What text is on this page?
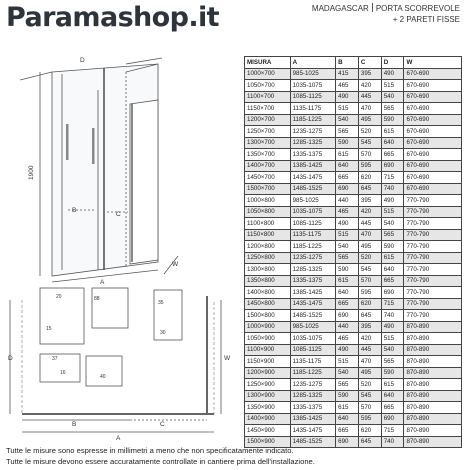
Paramashop.it	MADAGASCAR PORTA SCORREVOLE
+ 2 PARETI FISSE
1900
A
B
C
D
W
20
15
88
37
16
35
30
40
D	W
A
B	C
MISURA	A	B	C	D	W
1000×700	985-1025	415	395	490	670-690
1050×700	1035-1075	465	420	515	670-690
1100×700	1085-1125	490	445	540	670-690
1150×700	1135-1175	515	470	565	670-690
1200×700	1185-1225	540	495	590	670-690
1250×700	1235-1275	565	520	615	670-690
1300×700	1285-1325	590	545	640	670-690
1350×700	1335-1375	615	570	665	670-690
1400×700	1385-1425	640	595	690	670-690
1450×700	1435-1475	665	620	715	670-690
1500×700	1485-1525	690	645	740	670-690
1000×800	985-1025	440	395	490	770-790
1050×800	1035-1075	465	420	515	770-790
1100×800	1085-1125	490	445	540	770-790
1150×800	1135-1175	515	470	565	770-790
1200×800	1185-1225	540	495	590	770-790
1250×800	1235-1275	565	520	615	770-790
1300×800	1285-1325	590	545	640	770-790
1350×800	1335-1375	615	570	665	770-790
1400×800	1385-1425	640	595	690	770-790
1450×800	1435-1475	665	620	715	770-790
1500×800	1485-1525	690	645	740	770-790
1000×900	985-1025	440	395	490	870-890
1050×900	1035-1075	465	420	515	870-890
1100×900	1085-1125	490	445	540	870-890
1150×900	1135-1175	515	470	565	870-890
1200×900	1185-1225	540	495	590	870-890
1250×900	1235-1275	565	520	615	870-890
1300×900	1285-1325	590	545	640	870-890
1350×900	1335-1375	615	570	665	870-890
1400×900	1385-1425	640	595	690	870-890
1450×900	1435-1475	665	620	715	870-890
1500×900	1485-1525	690	645	740	870-890
Tutte le misure sono espresse in millimetri a meno che non specificatamente indicato.
Tutte le misure devono essere accuratamente controllate in cantiere prima dell'installazione.
